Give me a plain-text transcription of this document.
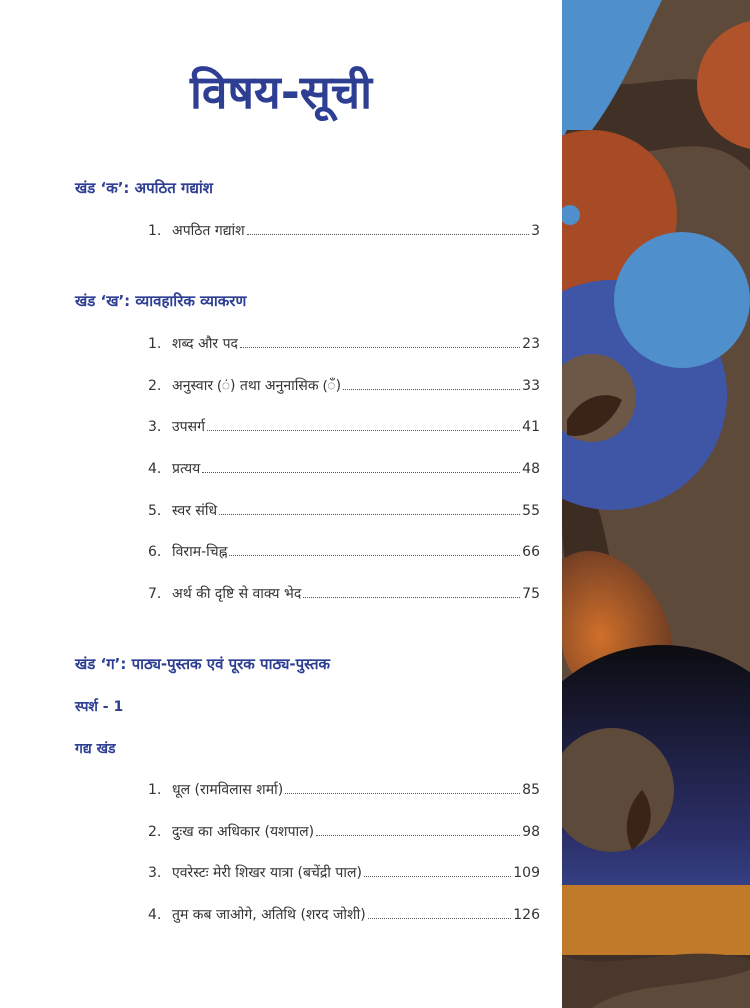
विषय-सूची
खंड ‘क’: अपठित गद्यांश
1. अपठित गद्यांश	3
खंड ‘ख’: व्यावहारिक व्याकरण
1. शब्द और पद	23
2. अनुस्वार (ं) तथा अनुनासिक (ँ)	33
3. उपसर्ग	41
4. प्रत्यय	48
5. स्वर संधि	55
6. विराम-चिह्न	66
7. अर्थ की दृष्टि से वाक्य भेद	75
खंड ‘ग’: पाठ्य-पुस्तक एवं पूरक पाठ्य-पुस्तक
स्पर्श - 1
गद्य खंड
1. धूल (रामविलास शर्मा)	85
2. दुःख का अधिकार (यशपाल)	98
3. एवरेस्टः मेरी शिखर यात्रा (बचेंद्री पाल)	109
4. तुम कब जाओगे, अतिथि (शरद जोशी)	126
